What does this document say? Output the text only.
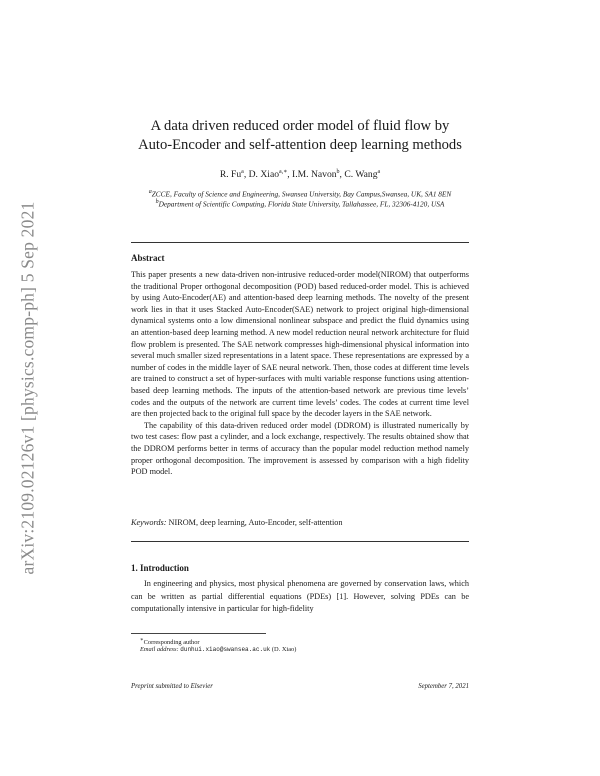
arXiv:2109.02126v1 [physics.comp-ph] 5 Sep 2021
A data driven reduced order model of fluid flow by
Auto-Encoder and self-attention deep learning methods
R. Fu$^a$, D. Xiao$^{a,∗}$, I.M. Navon$^b$, C. Wang$^a$
$^a$ZCCE, Faculty of Science and Engineering, Swansea University, Bay Campus,Swansea, UK, SA1 8EN
$^b$Department of Scientific Computing, Florida State University, Tallahassee, FL, 32306-4120, USA
Abstract

This paper presents a new data-driven non-intrusive reduced-order model(NIROM) that outperforms the traditional Proper orthogonal decomposition (POD) based reduced-order model. This is achieved by using Auto-Encoder(AE) and attention-based deep learning methods. The novelty of the present work lies in that it uses Stacked Auto-Encoder(SAE) network to project original high-dimensional dynamical systems onto a low dimensional nonlinear subspace and predict the fluid dynamics using an attention-based deep learning method. A new model reduction neural network architecture for fluid flow problem is presented. The SAE network compresses high-dimensional physical information into several much smaller sized representations in a latent space. These representations are expressed by a number of codes in the middle layer of SAE neural network. Then, those codes at different time levels are trained to construct a set of hyper-surfaces with multi variable response functions using attention-based deep learning methods. The inputs of the attention-based network are previous time levels’ codes and the outputs of the network are current time levels’ codes. The codes at current time level are then projected back to the original full space by the decoder layers in the SAE network.

The capability of this data-driven reduced order model (DDROM) is illustrated numerically by two test cases: flow past a cylinder, and a lock exchange, respectively. The results obtained show that the DDROM performs better in terms of accuracy than the popular model reduction method namely proper orthogonal decomposition. The improvement is assessed by comparison with a high fidelity POD model.

Keywords: NIROM, deep learning, Auto-Encoder, self-attention
1. Introduction

In engineering and physics, most physical phenomena are governed by conservation laws, which can be written as partial differential equations (PDEs) [1]. However, solving PDEs can be computationally intensive in particular for high-fidelity

∗Corresponding author
Email address: dunhui.xiao@swansea.ac.uk (D. Xiao)
Preprint submitted to Elsevier	September 7, 2021
